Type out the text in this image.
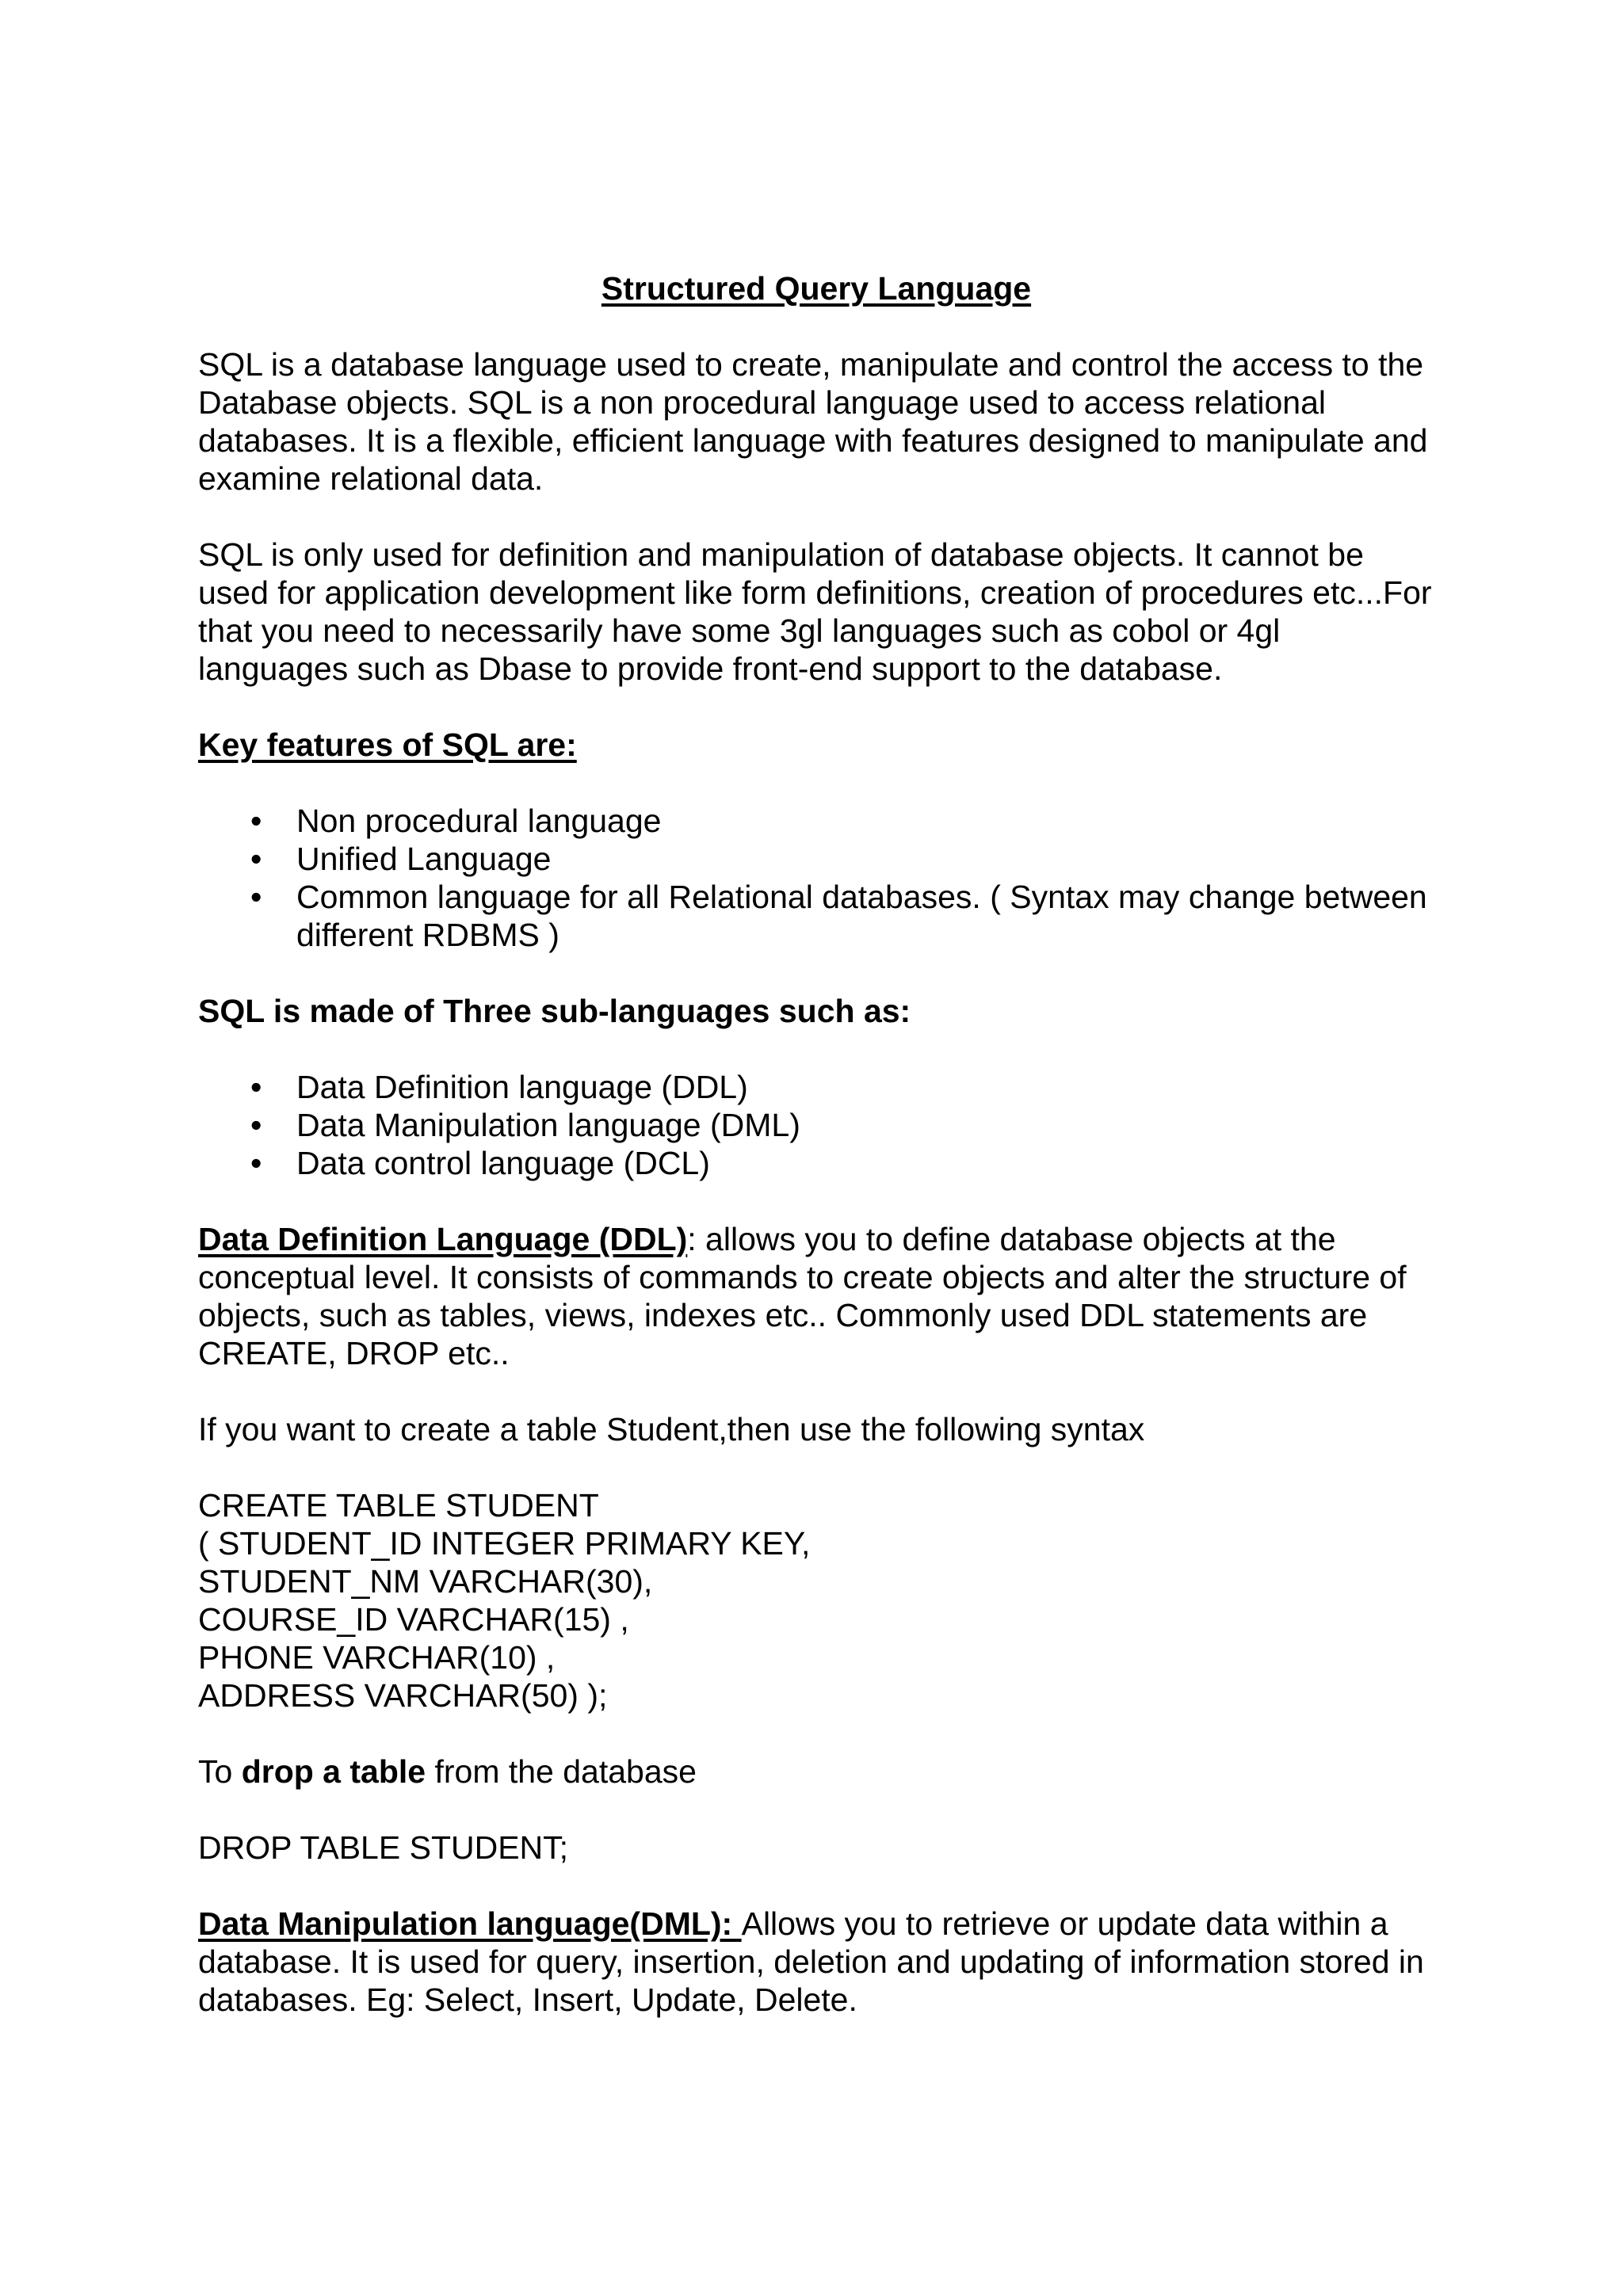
Structured Query Language

SQL is a database language used to create, manipulate and control the access to the Database objects. SQL is a non procedural language used to access relational databases. It is a flexible, efficient language with features designed to manipulate and examine relational data.

SQL is only used for definition and manipulation of database objects. It cannot be used for application development like form definitions, creation of procedures etc...For that you need to necessarily have some 3gl languages such as cobol or 4gl languages such as Dbase to provide front-end support to the database.

Key features of SQL are:

• Non procedural language
• Unified Language
• Common language for all Relational databases. ( Syntax may change between different RDBMS )

SQL is made of Three sub-languages such as:

• Data Definition language (DDL)
• Data Manipulation language (DML)
• Data control language (DCL)

Data Definition Language (DDL): allows you to define database objects at the conceptual level. It consists of commands to create objects and alter the structure of objects, such as tables, views, indexes etc.. Commonly used DDL statements are CREATE, DROP etc..

If you want to create a table Student,then use the following syntax

CREATE TABLE STUDENT
( STUDENT_ID INTEGER PRIMARY KEY,
STUDENT_NM VARCHAR(30),
COURSE_ID VARCHAR(15) ,
PHONE VARCHAR(10) ,
ADDRESS VARCHAR(50) );

To drop a table from the database

DROP TABLE STUDENT;

Data Manipulation language(DML): Allows you to retrieve or update data within a database. It is used for query, insertion, deletion and updating of information stored in databases. Eg: Select, Insert, Update, Delete.
